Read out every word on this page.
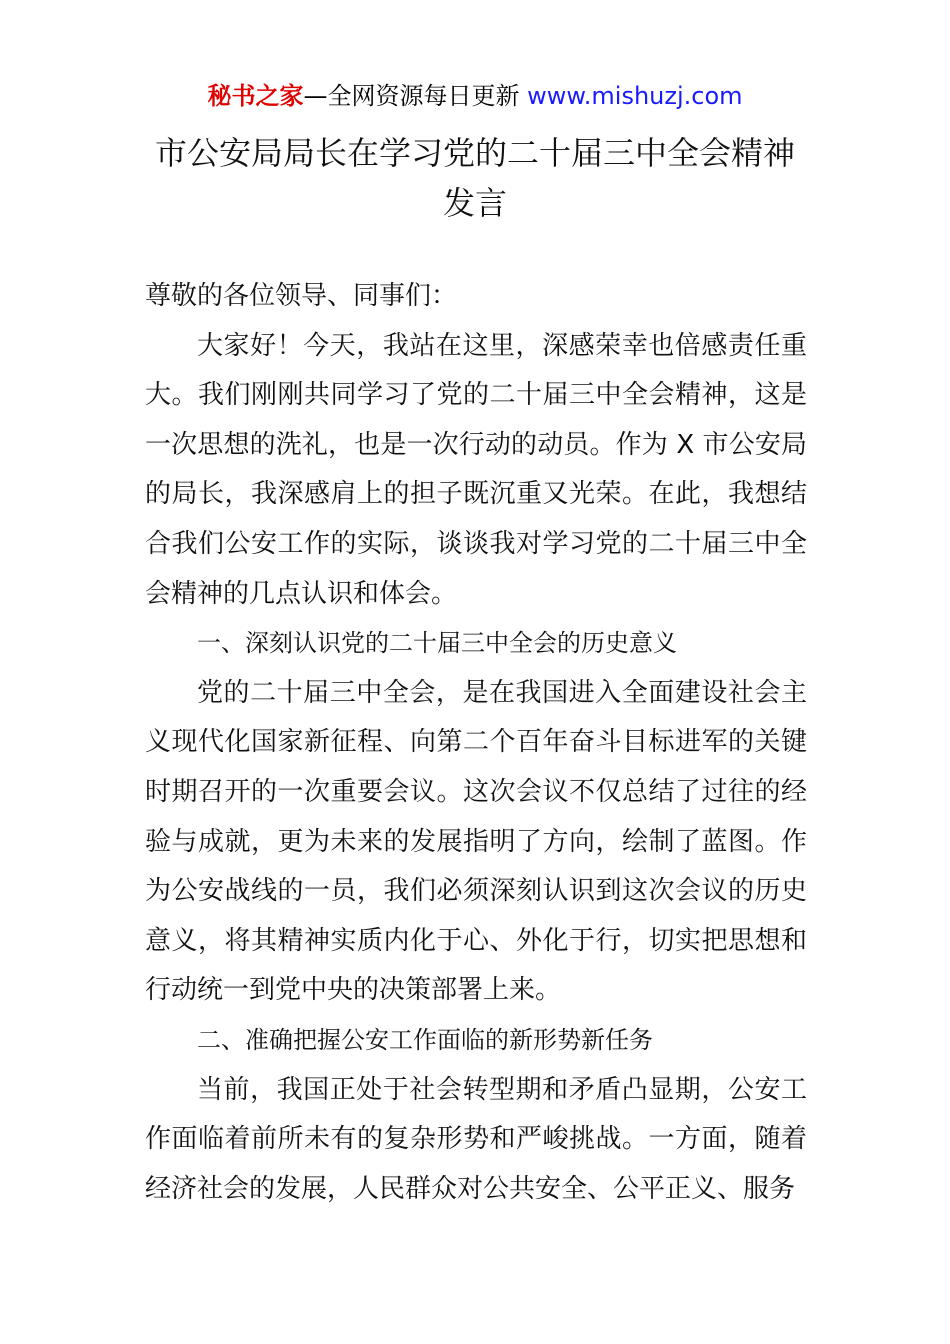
秘书之家—全网资源每日更新 www.mishuzj.com
市公安局局长在学习党的二十届三中全会精神
发言

尊敬的各位领导、同事们：

大家好！今天，我站在这里，深感荣幸也倍感责任重大。我们刚刚共同学习了党的二十届三中全会精神，这是一次思想的洗礼，也是一次行动的动员。作为 X 市公安局的局长，我深感肩上的担子既沉重又光荣。在此，我想结合我们公安工作的实际，谈谈我对学习党的二十届三中全会精神的几点认识和体会。

一、深刻认识党的二十届三中全会的历史意义

党的二十届三中全会，是在我国进入全面建设社会主义现代化国家新征程、向第二个百年奋斗目标进军的关键时期召开的一次重要会议。这次会议不仅总结了过往的经验与成就，更为未来的发展指明了方向，绘制了蓝图。作为公安战线的一员，我们必须深刻认识到这次会议的历史意义，将其精神实质内化于心、外化于行，切实把思想和行动统一到党中央的决策部署上来。

二、准确把握公安工作面临的新形势新任务

当前，我国正处于社会转型期和矛盾凸显期，公安工作面临着前所未有的复杂形势和严峻挑战。一方面，随着经济社会的发展，人民群众对公共安全、公平正义、服务
